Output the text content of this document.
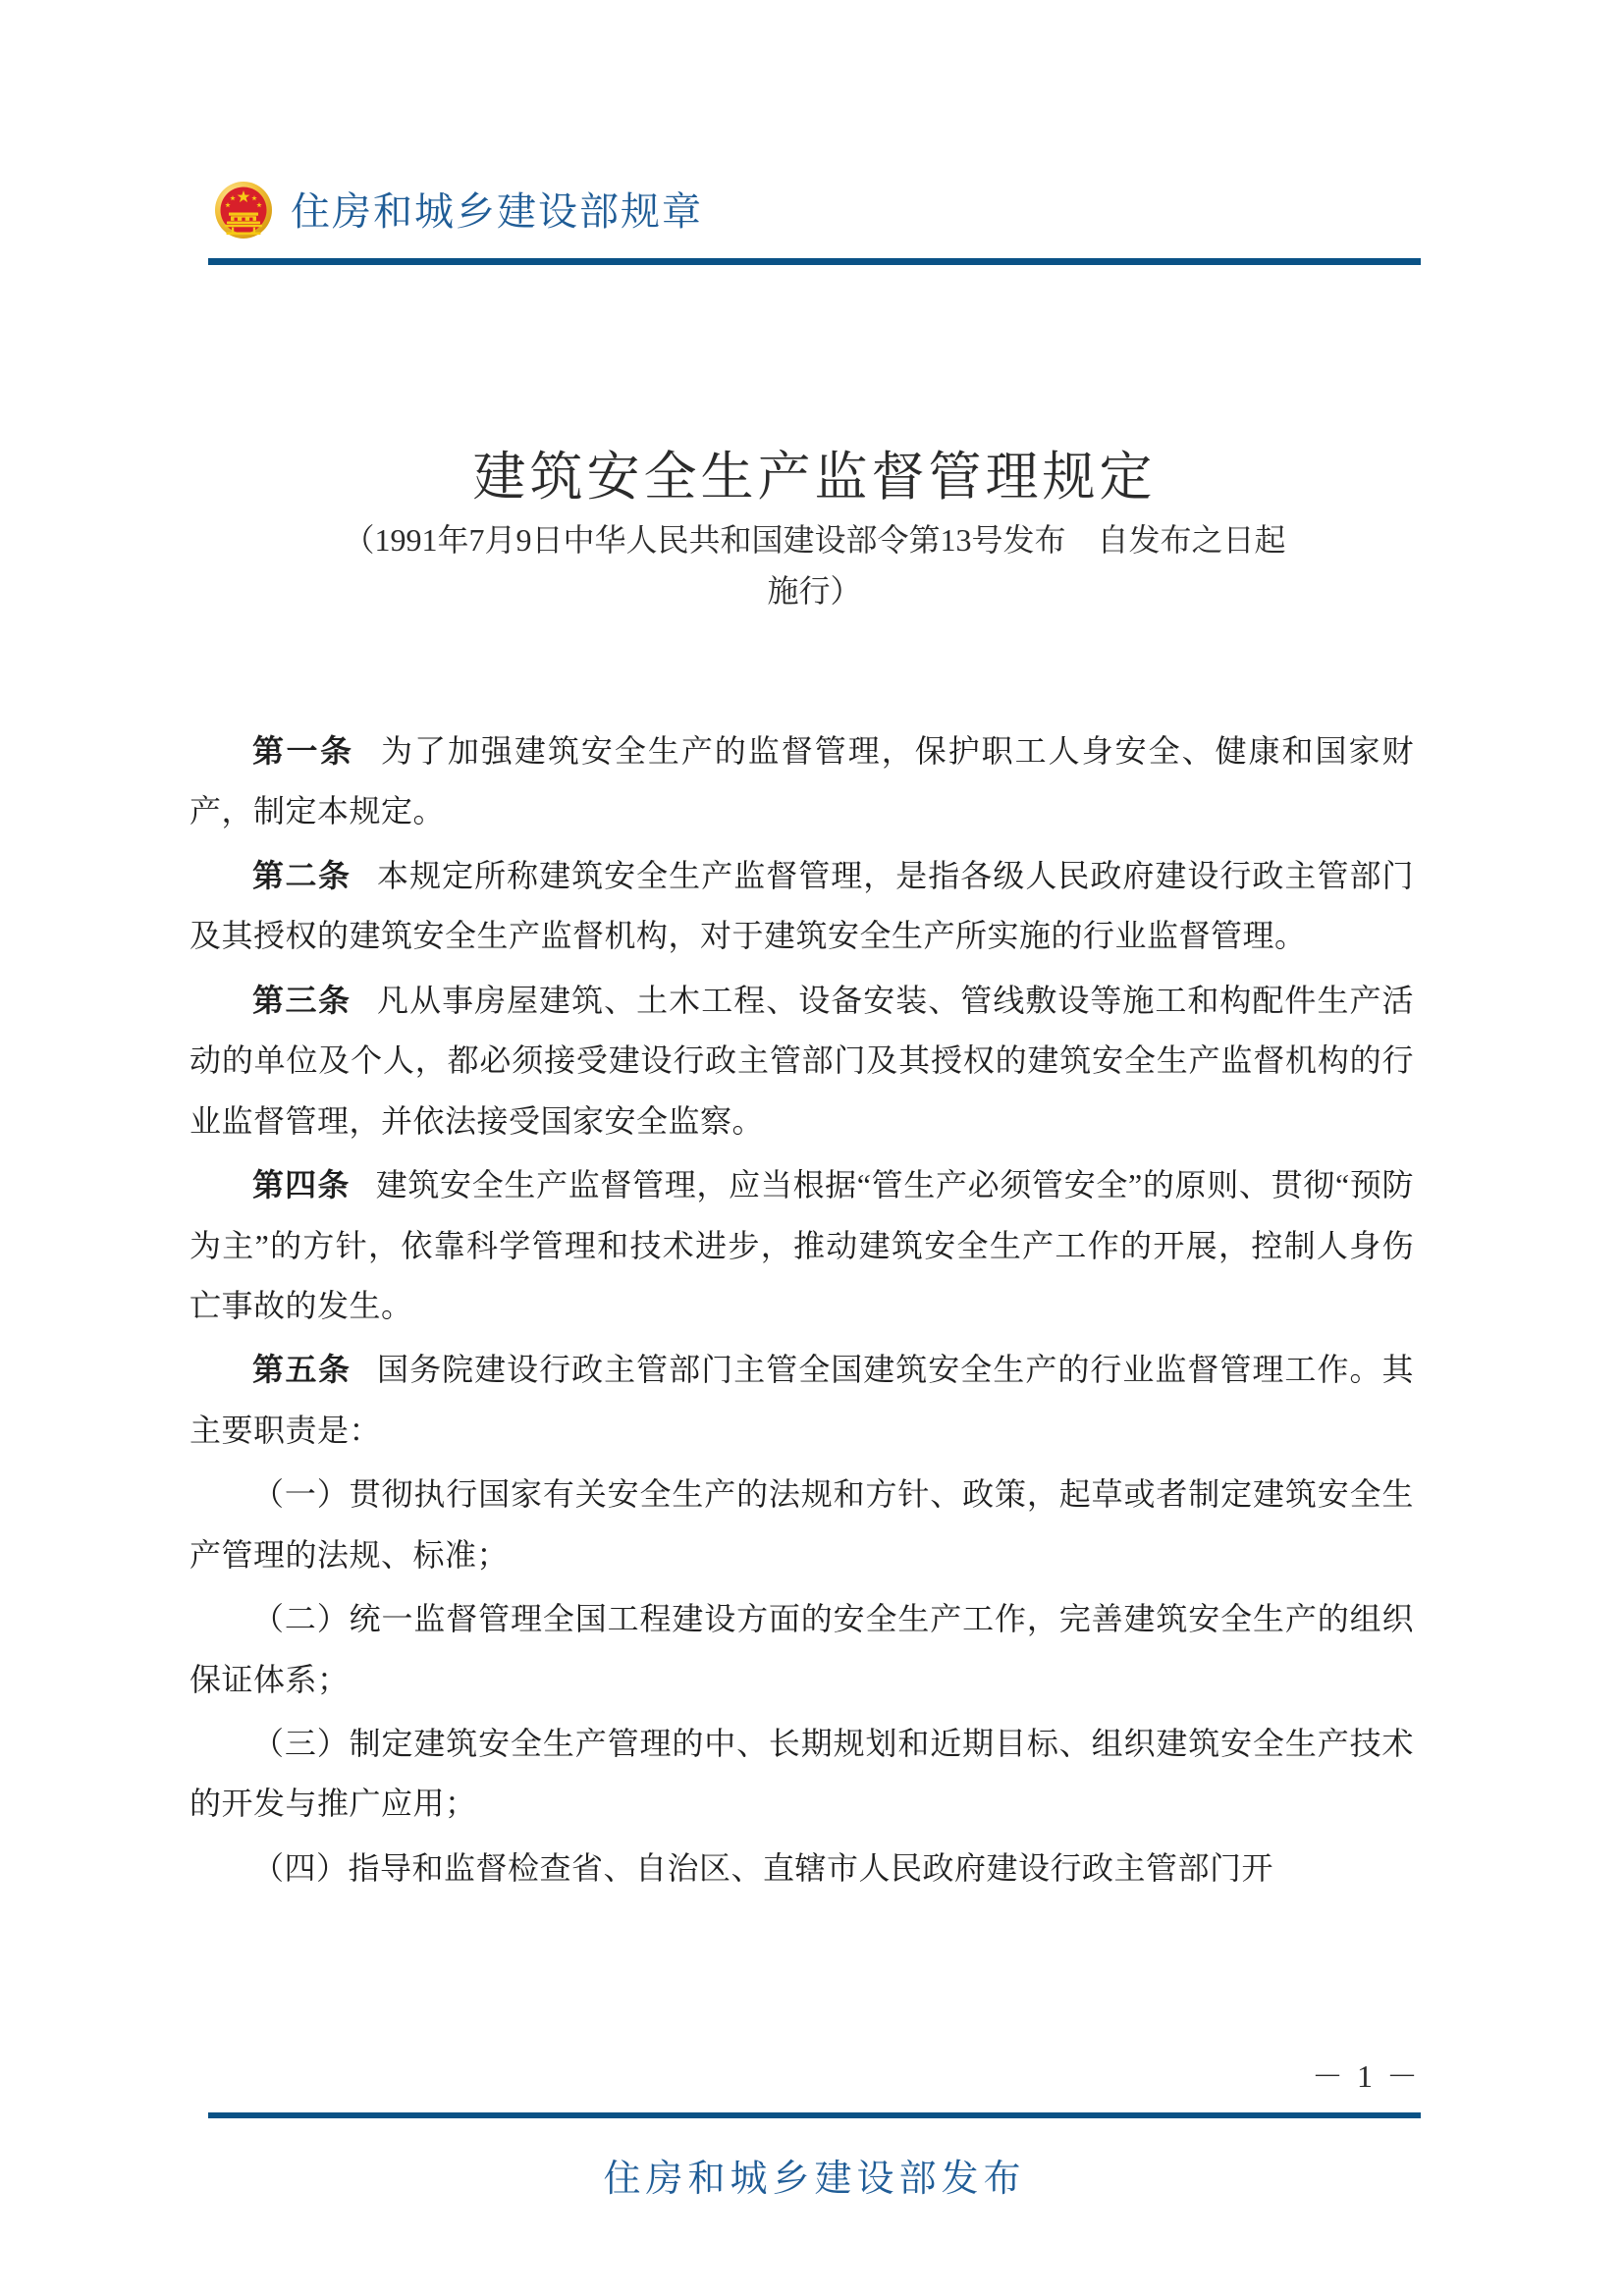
住房和城乡建设部规章
建筑安全生产监督管理规定
（1991年7月9日中华人民共和国建设部令第13号发布　自发布之日起
施行）

第一条 为了加强建筑安全生产的监督管理，保护职工人身安全、健康和国家财产，制定本规定。

第二条 本规定所称建筑安全生产监督管理，是指各级人民政府建设行政主管部门及其授权的建筑安全生产监督机构，对于建筑安全生产所实施的行业监督管理。

第三条 凡从事房屋建筑、土木工程、设备安装、管线敷设等施工和构配件生产活动的单位及个人，都必须接受建设行政主管部门及其授权的建筑安全生产监督机构的行业监督管理，并依法接受国家安全监察。

第四条 建筑安全生产监督管理，应当根据“管生产必须管安全”的原则、贯彻“预防为主”的方针，依靠科学管理和技术进步，推动建筑安全生产工作的开展，控制人身伤亡事故的发生。

第五条 国务院建设行政主管部门主管全国建筑安全生产的行业监督管理工作。其主要职责是：

（一）贯彻执行国家有关安全生产的法规和方针、政策，起草或者制定建筑安全生产管理的法规、标准；

（二）统一监督管理全国工程建设方面的安全生产工作，完善建筑安全生产的组织保证体系；

（三）制定建筑安全生产管理的中、长期规划和近期目标、组织建筑安全生产技术的开发与推广应用；

（四）指导和监督检查省、自治区、直辖市人民政府建设行政主管部门开

－ 1 －
住房和城乡建设部发布
